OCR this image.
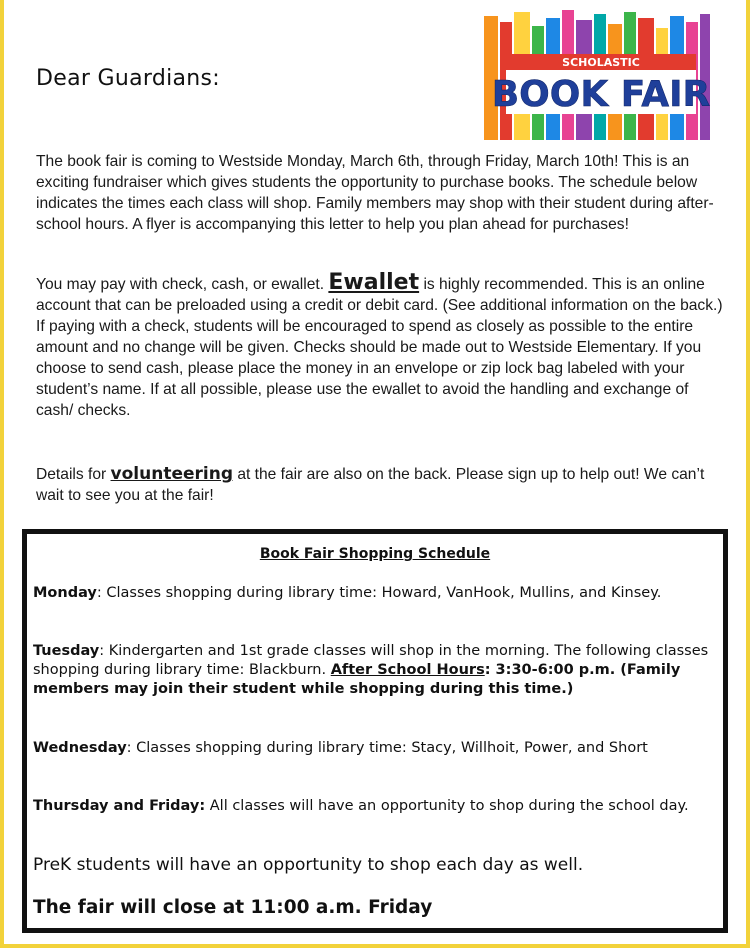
Dear Guardians:
SCHOLASTIC
BOOK FAIR
The book fair is coming to Westside Monday, March 6th, through Friday, March 10th! This is an exciting fundraiser which gives students the opportunity to purchase books. The schedule below indicates the times each class will shop. Family members may shop with their student during after-school hours. A flyer is accompanying this letter to help you plan ahead for purchases!
You may pay with check, cash, or ewallet. Ewallet is highly recommended. This is an online account that can be preloaded using a credit or debit card. (See additional information on the back.) If paying with a check, students will be encouraged to spend as closely as possible to the entire amount and no change will be given. Checks should be made out to Westside Elementary. If you choose to send cash, please place the money in an envelope or zip lock bag labeled with your student’s name. If at all possible, please use the ewallet to avoid the handling and exchange of cash/ checks.
Details for volunteering at the fair are also on the back. Please sign up to help out! We can’t wait to see you at the fair!
Book Fair Shopping Schedule
Monday: Classes shopping during library time: Howard, VanHook, Mullins, and Kinsey.
Tuesday: Kindergarten and 1st grade classes will shop in the morning. The following classes shopping during library time: Blackburn. After School Hours: 3:30-6:00 p.m. (Family members may join their student while shopping during this time.)
Wednesday: Classes shopping during library time: Stacy, Willhoit, Power, and Short
Thursday and Friday: All classes will have an opportunity to shop during the school day.
PreK students will have an opportunity to shop each day as well.
The fair will close at 11:00 a.m. Friday
